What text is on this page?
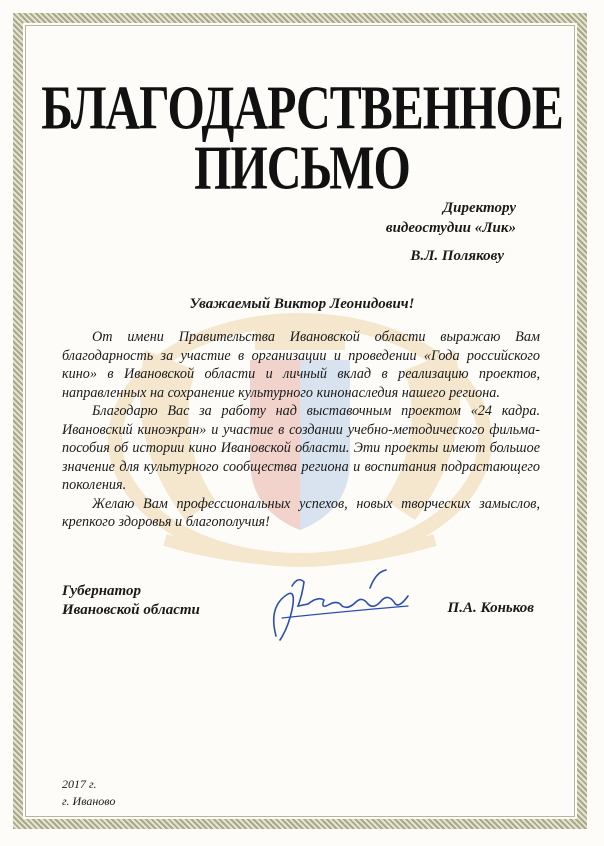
БЛАГОДАРСТВЕННОЕ
ПИСЬМО
Директору
видеостудии «Лик»
В.Л. Полякову
Уважаемый Виктор Леонидович!

От имени Правительства Ивановской области выражаю Вам благодарность за участие в организации и проведении «Года российского кино» в Ивановской области и личный вклад в реализацию проектов, направленных на сохранение культурного кинонаследия нашего региона.

Благодарю Вас за работу над выставочным проектом «24 кадра. Ивановский киноэкран» и участие в создании учебно-методического фильма-пособия об истории кино Ивановской области. Эти проекты имеют большое значение для культурного сообщества региона и воспитания подрастающего поколения.

Желаю Вам профессиональных успехов, новых творческих замыслов, крепкого здоровья и благополучия!

Губернатор
Ивановской области	П.А. Коньков
2017 г.
г. Иваново
